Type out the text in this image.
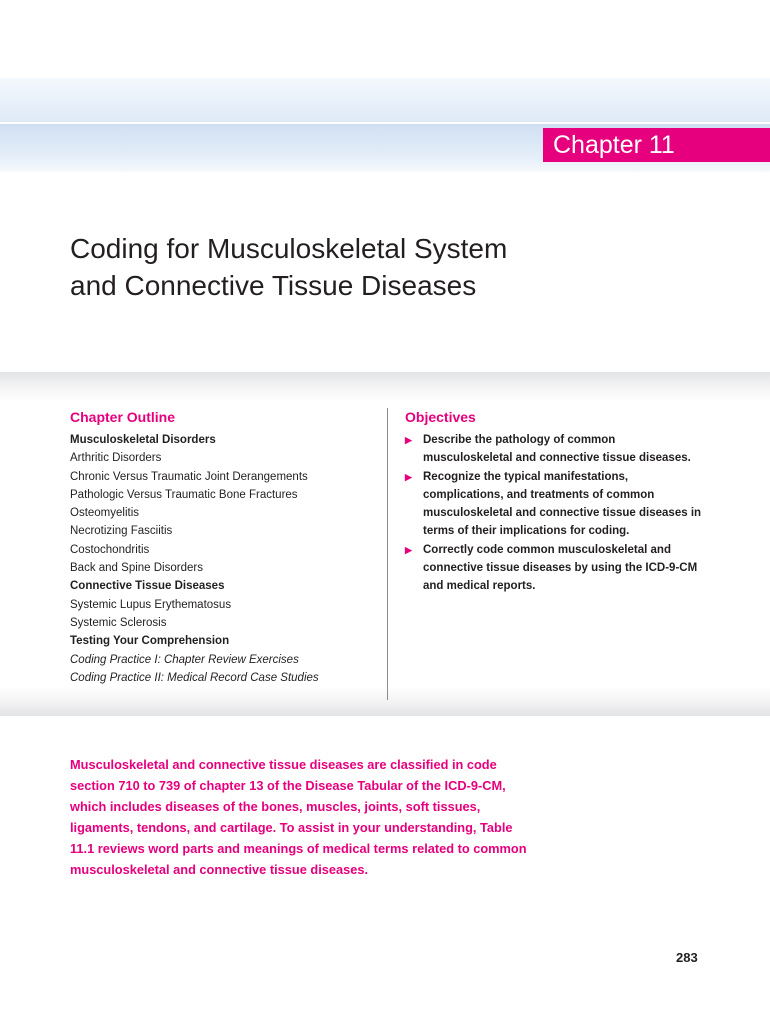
Chapter 11
Coding for Musculoskeletal System and Connective Tissue Diseases
Chapter Outline
Musculoskeletal Disorders
Arthritic Disorders
Chronic Versus Traumatic Joint Derangements
Pathologic Versus Traumatic Bone Fractures
Osteomyelitis
Necrotizing Fasciitis
Costochondritis
Back and Spine Disorders
Connective Tissue Diseases
Systemic Lupus Erythematosus
Systemic Sclerosis
Testing Your Comprehension
Coding Practice I: Chapter Review Exercises
Coding Practice II: Medical Record Case Studies
Objectives
▶ Describe the pathology of common musculoskeletal and connective tissue diseases.
▶ Recognize the typical manifestations, complications, and treatments of common musculoskeletal and connective tissue diseases in terms of their implications for coding.
▶ Correctly code common musculoskeletal and connective tissue diseases by using the ICD-9-CM and medical reports.

Musculoskeletal and connective tissue diseases are classified in code section 710 to 739 of chapter 13 of the Disease Tabular of the ICD-9-CM, which includes diseases of the bones, muscles, joints, soft tissues, ligaments, tendons, and cartilage. To assist in your understanding, Table 11.1 reviews word parts and meanings of medical terms related to common musculoskeletal and connective tissue diseases.

283
